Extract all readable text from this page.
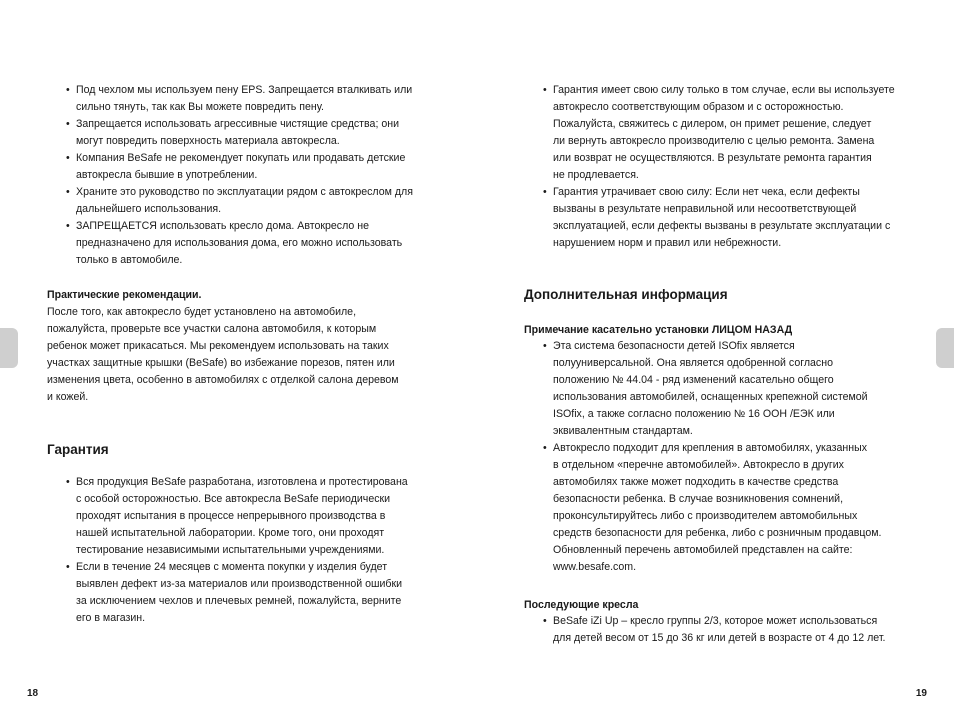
• Под чехлом мы используем пену EPS. Запрещается вталкивать или
сильно тянуть, так как Вы можете повредить пену.
• Запрещается использовать агрессивные чистящие средства; они
могут повредить поверхность материала автокресла.
• Компания BeSafe не рекомендует покупать или продавать детские
автокресла бывшие в употреблении.
• Храните это руководство по эксплуатации рядом с автокреслом для
дальнейшего использования.
• ЗАПРЕЩАЕТСЯ использовать кресло дома. Автокресло не
предназначено для использования дома, его можно использовать
только в автомобиле.
Практические рекомендации.
После того, как автокресло будет установлено на автомобиле,
пожалуйста, проверьте все участки салона автомобиля, к которым
ребенок может прикасаться. Мы рекомендуем использовать на таких
участках защитные крышки (BeSafe) во избежание порезов, пятен или
изменения цвета, особенно в автомобилях с отделкой салона деревом
и кожей.
Гарантия
• Вся продукция BeSafe разработана, изготовлена и протестирована
с особой осторожностью. Все автокресла BeSafe периодически
проходят испытания в процессе непрерывного производства в
нашей испытательной лаборатории. Кроме того, они проходят
тестирование независимыми испытательными учреждениями.
• Если в течение 24 месяцев с момента покупки у изделия будет
выявлен дефект из-за материалов или производственной ошибки
за исключением чехлов и плечевых ремней, пожалуйста, верните
его в магазин.
18
• Гарантия имеет свою силу только в том случае, если вы используете
автокресло соответствующим образом и с осторожностью.
Пожалуйста, свяжитесь с дилером, он примет решение, следует
ли вернуть автокресло производителю с целью ремонта. Замена
или возврат не осуществляются. В результате ремонта гарантия
не продлевается.
• Гарантия утрачивает свою силу: Если нет чека, если дефекты
вызваны в результате неправильной или несоответствующей
эксплуатацией, если дефекты вызваны в результате эксплуатации с
нарушением норм и правил или небрежности.
Дополнительная информация
Примечание касательно установки ЛИЦОМ НАЗАД
• Эта система безопасности детей ISOfix является
полууниверсальной. Она является одобренной согласно
положению № 44.04 - ряд изменений касательно общего
использования автомобилей, оснащенных крепежной системой
ISOfix, а также согласно положению № 16 ООН /ЕЭК или
эквивалентным стандартам.
• Автокресло подходит для крепления в автомобилях, указанных
в отдельном «перечне автомобилей». Автокресло в других
автомобилях также может подходить в качестве средства
безопасности ребенка. В случае возникновения сомнений,
проконсультируйтесь либо с производителем автомобильных
средств безопасности для ребенка, либо с розничным продавцом.
Обновленный перечень автомобилей представлен на сайте:
www.besafe.com.
Последующие кресла
• BeSafe iZi Up – кресло группы 2/3, которое может использоваться
для детей весом от 15 до 36 кг или детей в возрасте от 4 до 12 лет.
19
